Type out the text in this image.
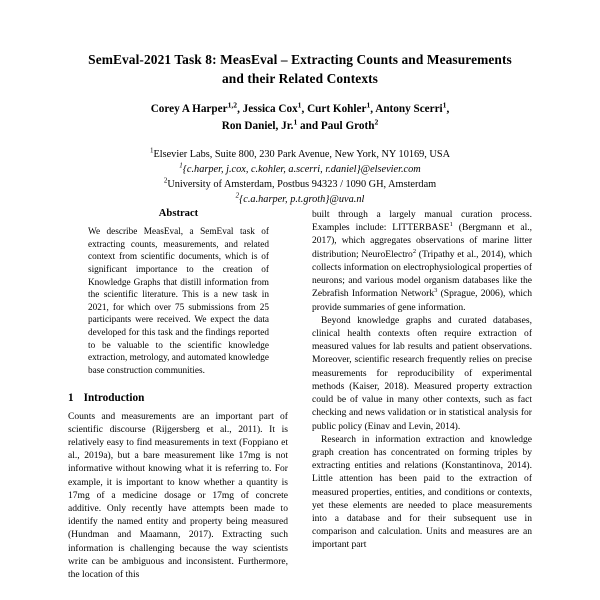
SemEval-2021 Task 8: MeasEval – Extracting Counts and Measurements
and their Related Contexts
Corey A Harper$^{1,2}$, Jessica Cox$^1$, Curt Kohler$^1$, Antony Scerri$^1$,
Ron Daniel, Jr.$^1$ and Paul Groth$^2$

$^1$Elsevier Labs, Suite 800, 230 Park Avenue, New York, NY 10169, USA

$^1${c.harper, j.cox, c.kohler, a.scerri, r.daniel}@elsevier.com

$^2$University of Amsterdam, Postbus 94323 / 1090 GH, Amsterdam

$^2${c.a.harper, p.t.groth}@uva.nl

Abstract

We describe MeasEval, a SemEval task of extracting counts, measurements, and related context from scientific documents, which is of significant importance to the creation of Knowledge Graphs that distill information from the scientific literature. This is a new task in 2021, for which over 75 submissions from 25 participants were received. We expect the data developed for this task and the findings reported to be valuable to the scientific knowledge extraction, metrology, and automated knowledge base construction communities.

1 Introduction

Counts and measurements are an important part of scientific discourse (Rijgersberg et al., 2011). It is relatively easy to find measurements in text (Foppiano et al., 2019a), but a bare measurement like 17mg is not informative without knowing what it is referring to. For example, it is important to know whether a quantity is 17mg of a medicine dosage or 17mg of concrete additive. Only recently have attempts been made to identify the named entity and property being measured (Hundman and Maamann, 2017). Extracting such information is challenging because the way scientists write can be ambiguous and inconsistent. Furthermore, the location of this

built through a largely manual curation process. Examples include: LITTERBASE$^1$ (Bergmann et al., 2017), which aggregates observations of marine litter distribution; NeuroElectro$^2$ (Tripathy et al., 2014), which collects information on electrophysiological properties of neurons; and various model organism databases like the Zebrafish Information Network$^3$ (Sprague, 2006), which provide summaries of gene information.

Beyond knowledge graphs and curated databases, clinical health contexts often require extraction of measured values for lab results and patient observations. Moreover, scientific research frequently relies on precise measurements for reproducibility of experimental methods (Kaiser, 2018). Measured property extraction could be of value in many other contexts, such as fact checking and news validation or in statistical analysis for public policy (Einav and Levin, 2014).

Research in information extraction and knowledge graph creation has concentrated on forming triples by extracting entities and relations (Konstantinova, 2014). Little attention has been paid to the extraction of measured properties, entities, and conditions or contexts, yet these elements are needed to place measurements into a database and for their subsequent use in comparison and calculation. Units and measures are an important part
